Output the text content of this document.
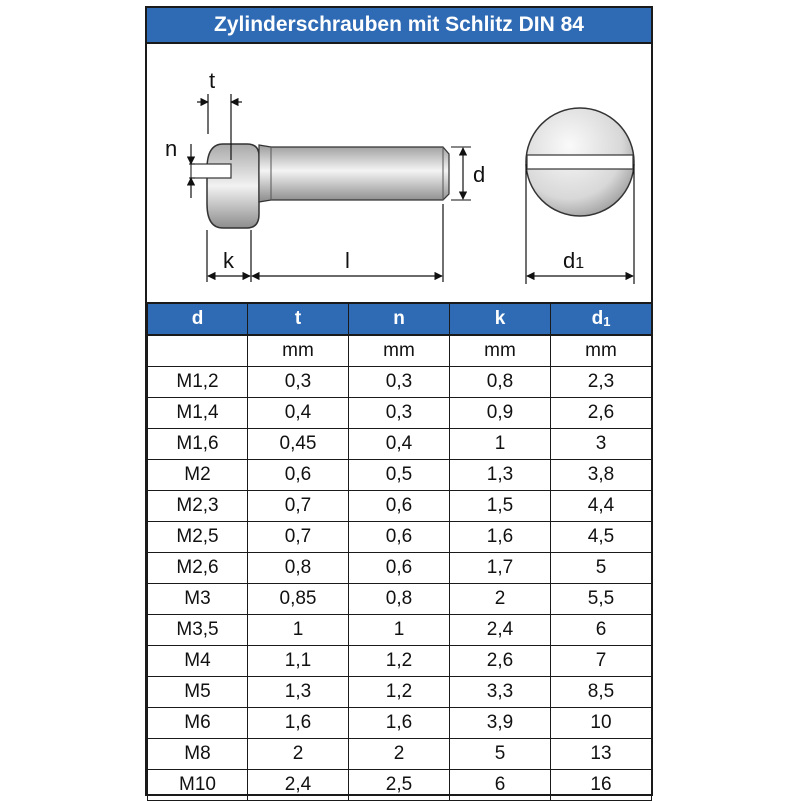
Zylinderschrauben mit Schlitz DIN 84
t
n
d
k	l	d1
d	t	n	k	$d_1$
	mm	mm	mm	mm
M1,2	0,3	0,3	0,8	2,3
M1,4	0,4	0,3	0,9	2,6
M1,6	0,45	0,4	1	3
M2	0,6	0,5	1,3	3,8
M2,3	0,7	0,6	1,5	4,4
M2,5	0,7	0,6	1,6	4,5
M2,6	0,8	0,6	1,7	5
M3	0,85	0,8	2	5,5
M3,5	1	1	2,4	6
M4	1,1	1,2	2,6	7
M5	1,3	1,2	3,3	8,5
M6	1,6	1,6	3,9	10
M8	2	2	5	13
M10	2,4	2,5	6	16
